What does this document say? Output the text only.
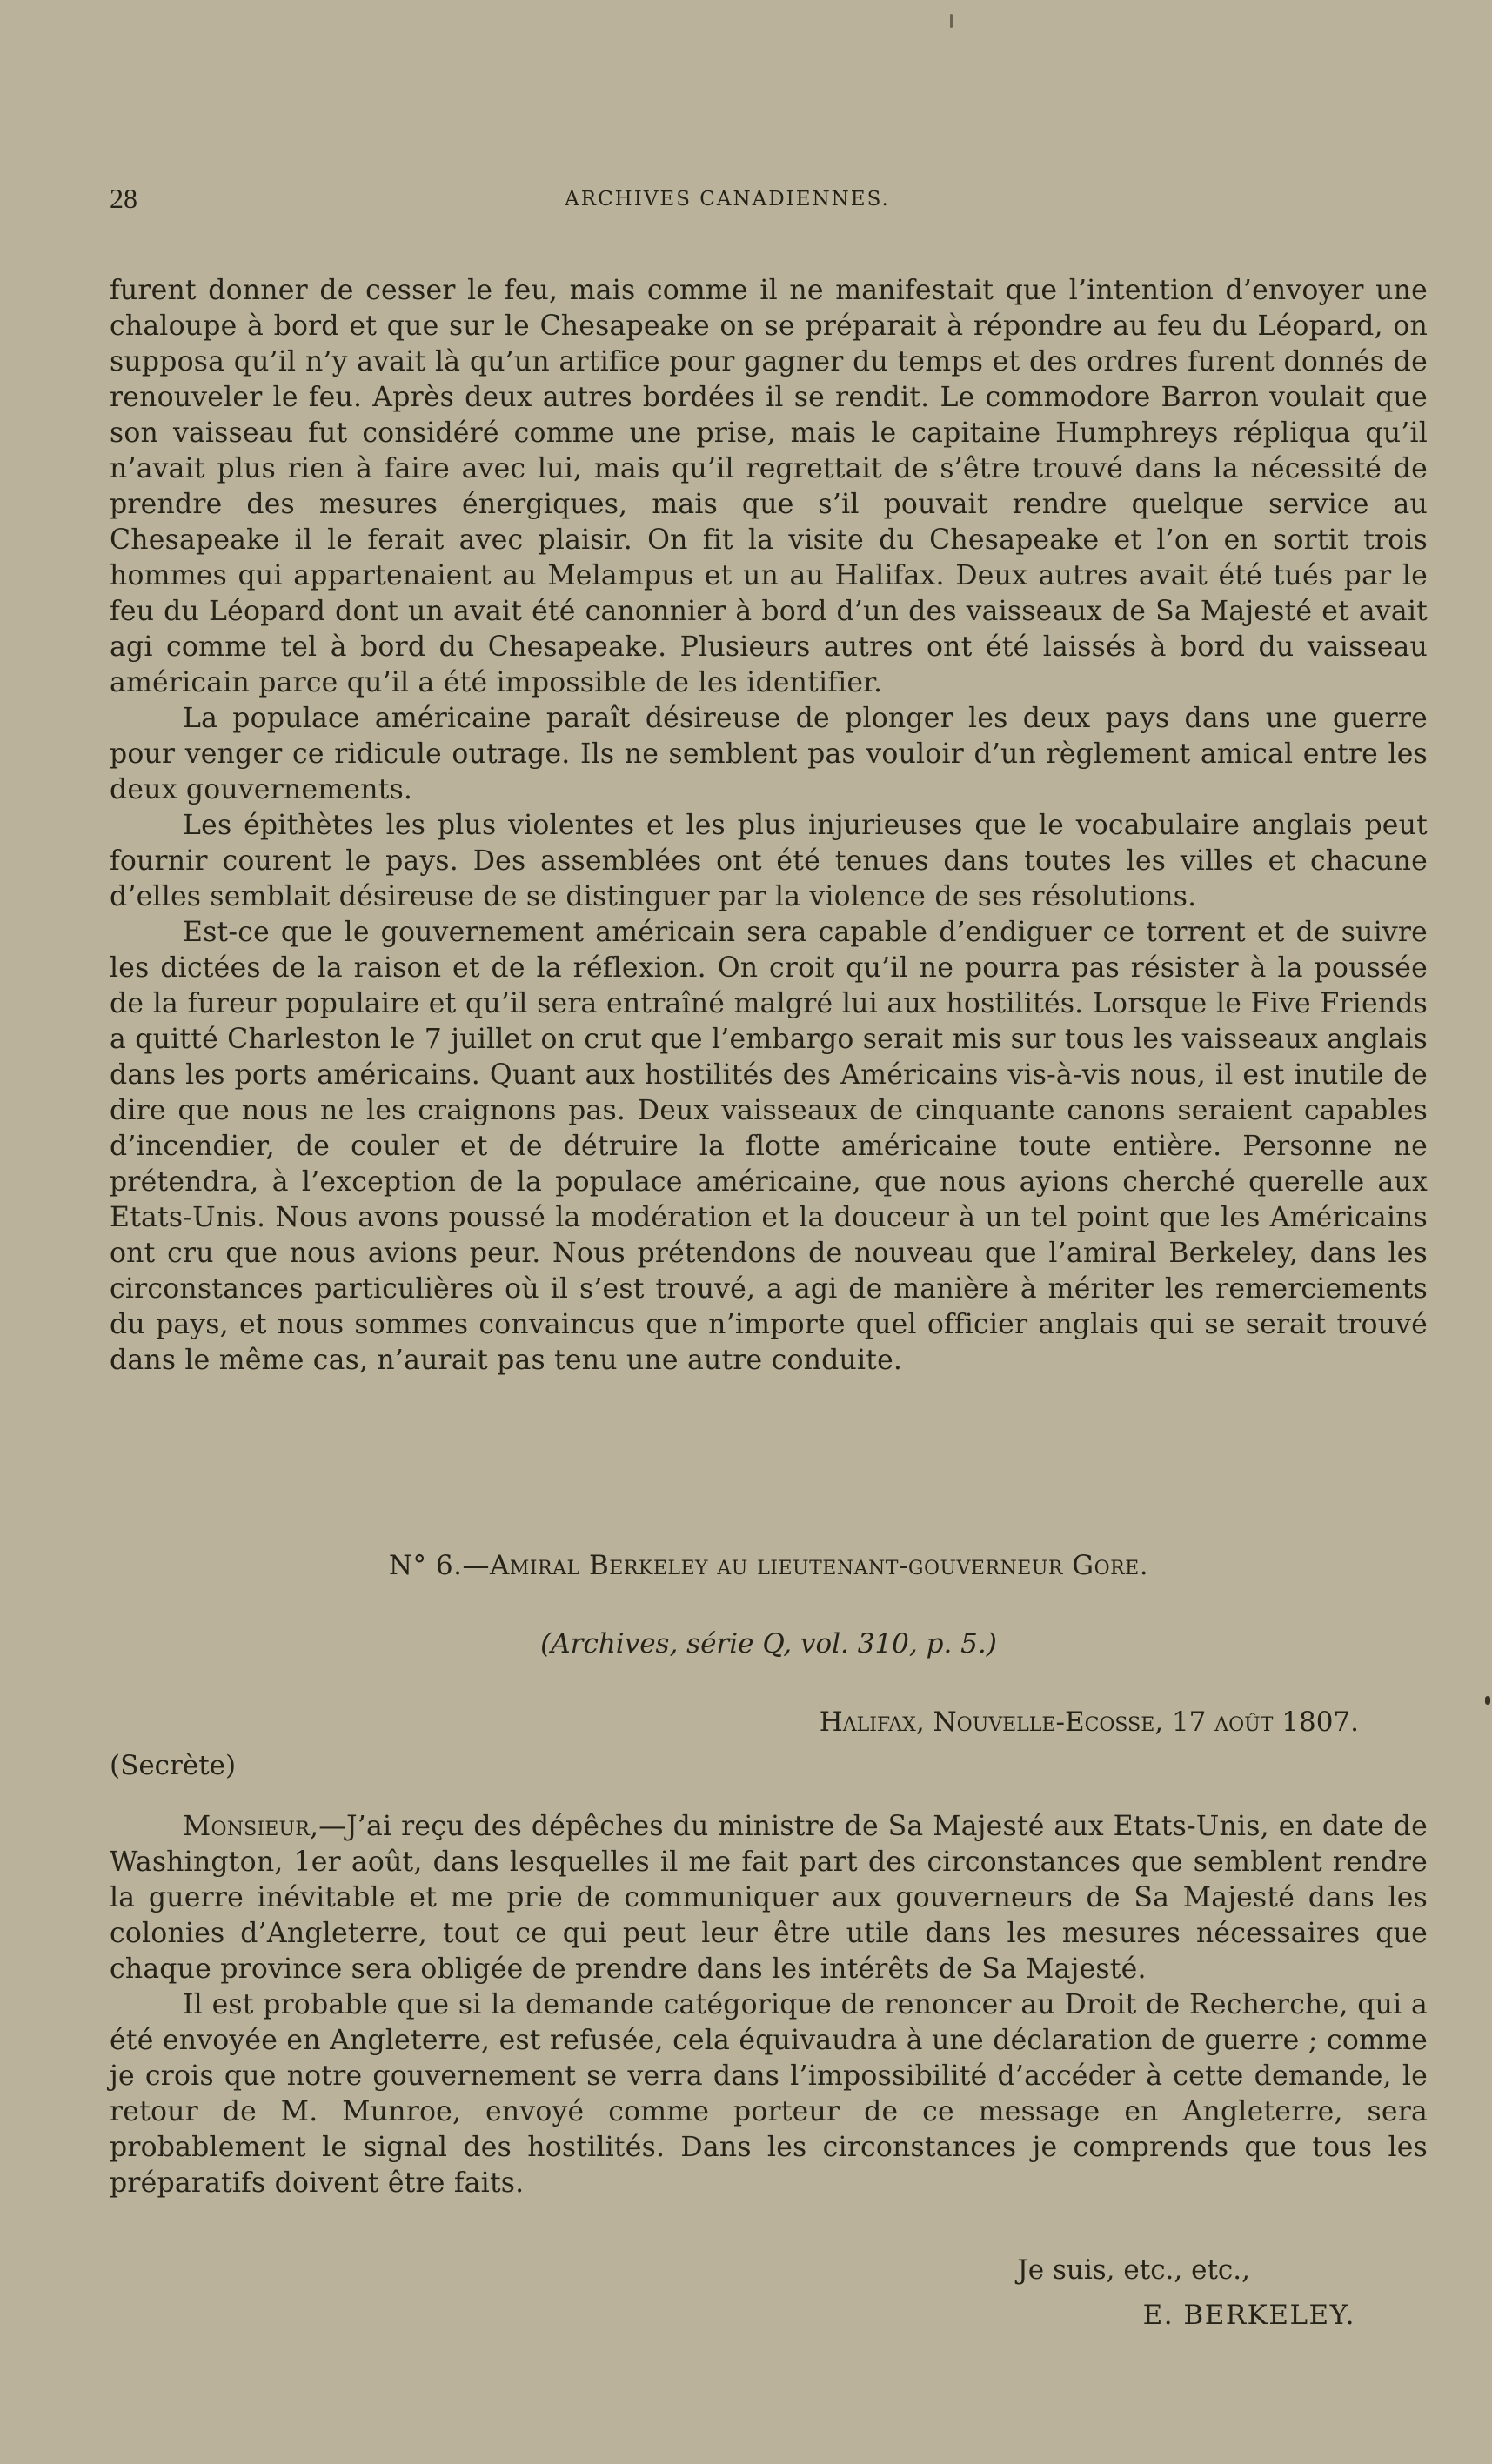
28	ARCHIVES CANADIENNES.

furent donner de cesser le feu, mais comme il ne manifestait que l’intention d’envoyer une chaloupe à bord et que sur le Chesapeake on se préparait à répondre au feu du Léopard, on supposa qu’il n’y avait là qu’un artifice pour gagner du temps et des ordres furent donnés de renouveler le feu. Après deux autres bordées il se rendit. Le commodore Barron voulait que son vaisseau fut considéré comme une prise, mais le capitaine Humphreys répliqua qu’il n’avait plus rien à faire avec lui, mais qu’il regrettait de s’être trouvé dans la nécessité de prendre des mesures énergiques, mais que s’il pouvait rendre quelque service au Chesapeake il le ferait avec plaisir. On fit la visite du Chesapeake et l’on en sortit trois hommes qui appartenaient au Melampus et un au Halifax. Deux autres avait été tués par le feu du Léopard dont un avait été canonnier à bord d’un des vaisseaux de Sa Majesté et avait agi comme tel à bord du Chesapeake. Plusieurs autres ont été laissés à bord du vaisseau américain parce qu’il a été impossible de les identifier.

La populace américaine paraît désireuse de plonger les deux pays dans une guerre pour venger ce ridicule outrage. Ils ne semblent pas vouloir d’un règlement amical entre les deux gouvernements.

Les épithètes les plus violentes et les plus injurieuses que le vocabulaire anglais peut fournir courent le pays. Des assemblées ont été tenues dans toutes les villes et chacune d’elles semblait désireuse de se distinguer par la violence de ses résolutions.

Est-ce que le gouvernement américain sera capable d’endiguer ce torrent et de suivre les dictées de la raison et de la réflexion. On croit qu’il ne pourra pas résister à la poussée de la fureur populaire et qu’il sera entraîné malgré lui aux hostilités. Lorsque le Five Friends a quitté Charleston le 7 juillet on crut que l’embargo serait mis sur tous les vaisseaux anglais dans les ports américains. Quant aux hostilités des Américains vis-à-vis nous, il est inutile de dire que nous ne les craignons pas. Deux vaisseaux de cinquante canons seraient capables d’incendier, de couler et de détruire la flotte américaine toute entière. Personne ne prétendra, à l’exception de la populace américaine, que nous ayions cherché querelle aux Etats-Unis. Nous avons poussé la modération et la douceur à un tel point que les Américains ont cru que nous avions peur. Nous prétendons de nouveau que l’amiral Berkeley, dans les circonstances particulières où il s’est trouvé, a agi de manière à mériter les remerciements du pays, et nous sommes convaincus que n’importe quel officier anglais qui se serait trouvé dans le même cas, n’aurait pas tenu une autre conduite.

N° 6.—Amiral Berkeley au lieutenant-gouverneur Gore.
(Archives, série Q, vol. 310, p. 5.)
Halifax, Nouvelle-Ecosse, 17 août 1807.
(Secrète)

Monsieur,—J’ai reçu des dépêches du ministre de Sa Majesté aux Etats-Unis, en date de Washington, 1er août, dans lesquelles il me fait part des circonstances que semblent rendre la guerre inévitable et me prie de communiquer aux gouverneurs de Sa Majesté dans les colonies d’Angleterre, tout ce qui peut leur être utile dans les mesures nécessaires que chaque province sera obligée de prendre dans les intérêts de Sa Majesté.

Il est probable que si la demande catégorique de renoncer au Droit de Recherche, qui a été envoyée en Angleterre, est refusée, cela équivaudra à une déclaration de guerre ; comme je crois que notre gouvernement se verra dans l’impossibilité d’accéder à cette demande, le retour de M. Munroe, envoyé comme porteur de ce message en Angleterre, sera probablement le signal des hostilités. Dans les circonstances je comprends que tous les préparatifs doivent être faits.

Je suis, etc., etc.,
E. BERKELEY.
